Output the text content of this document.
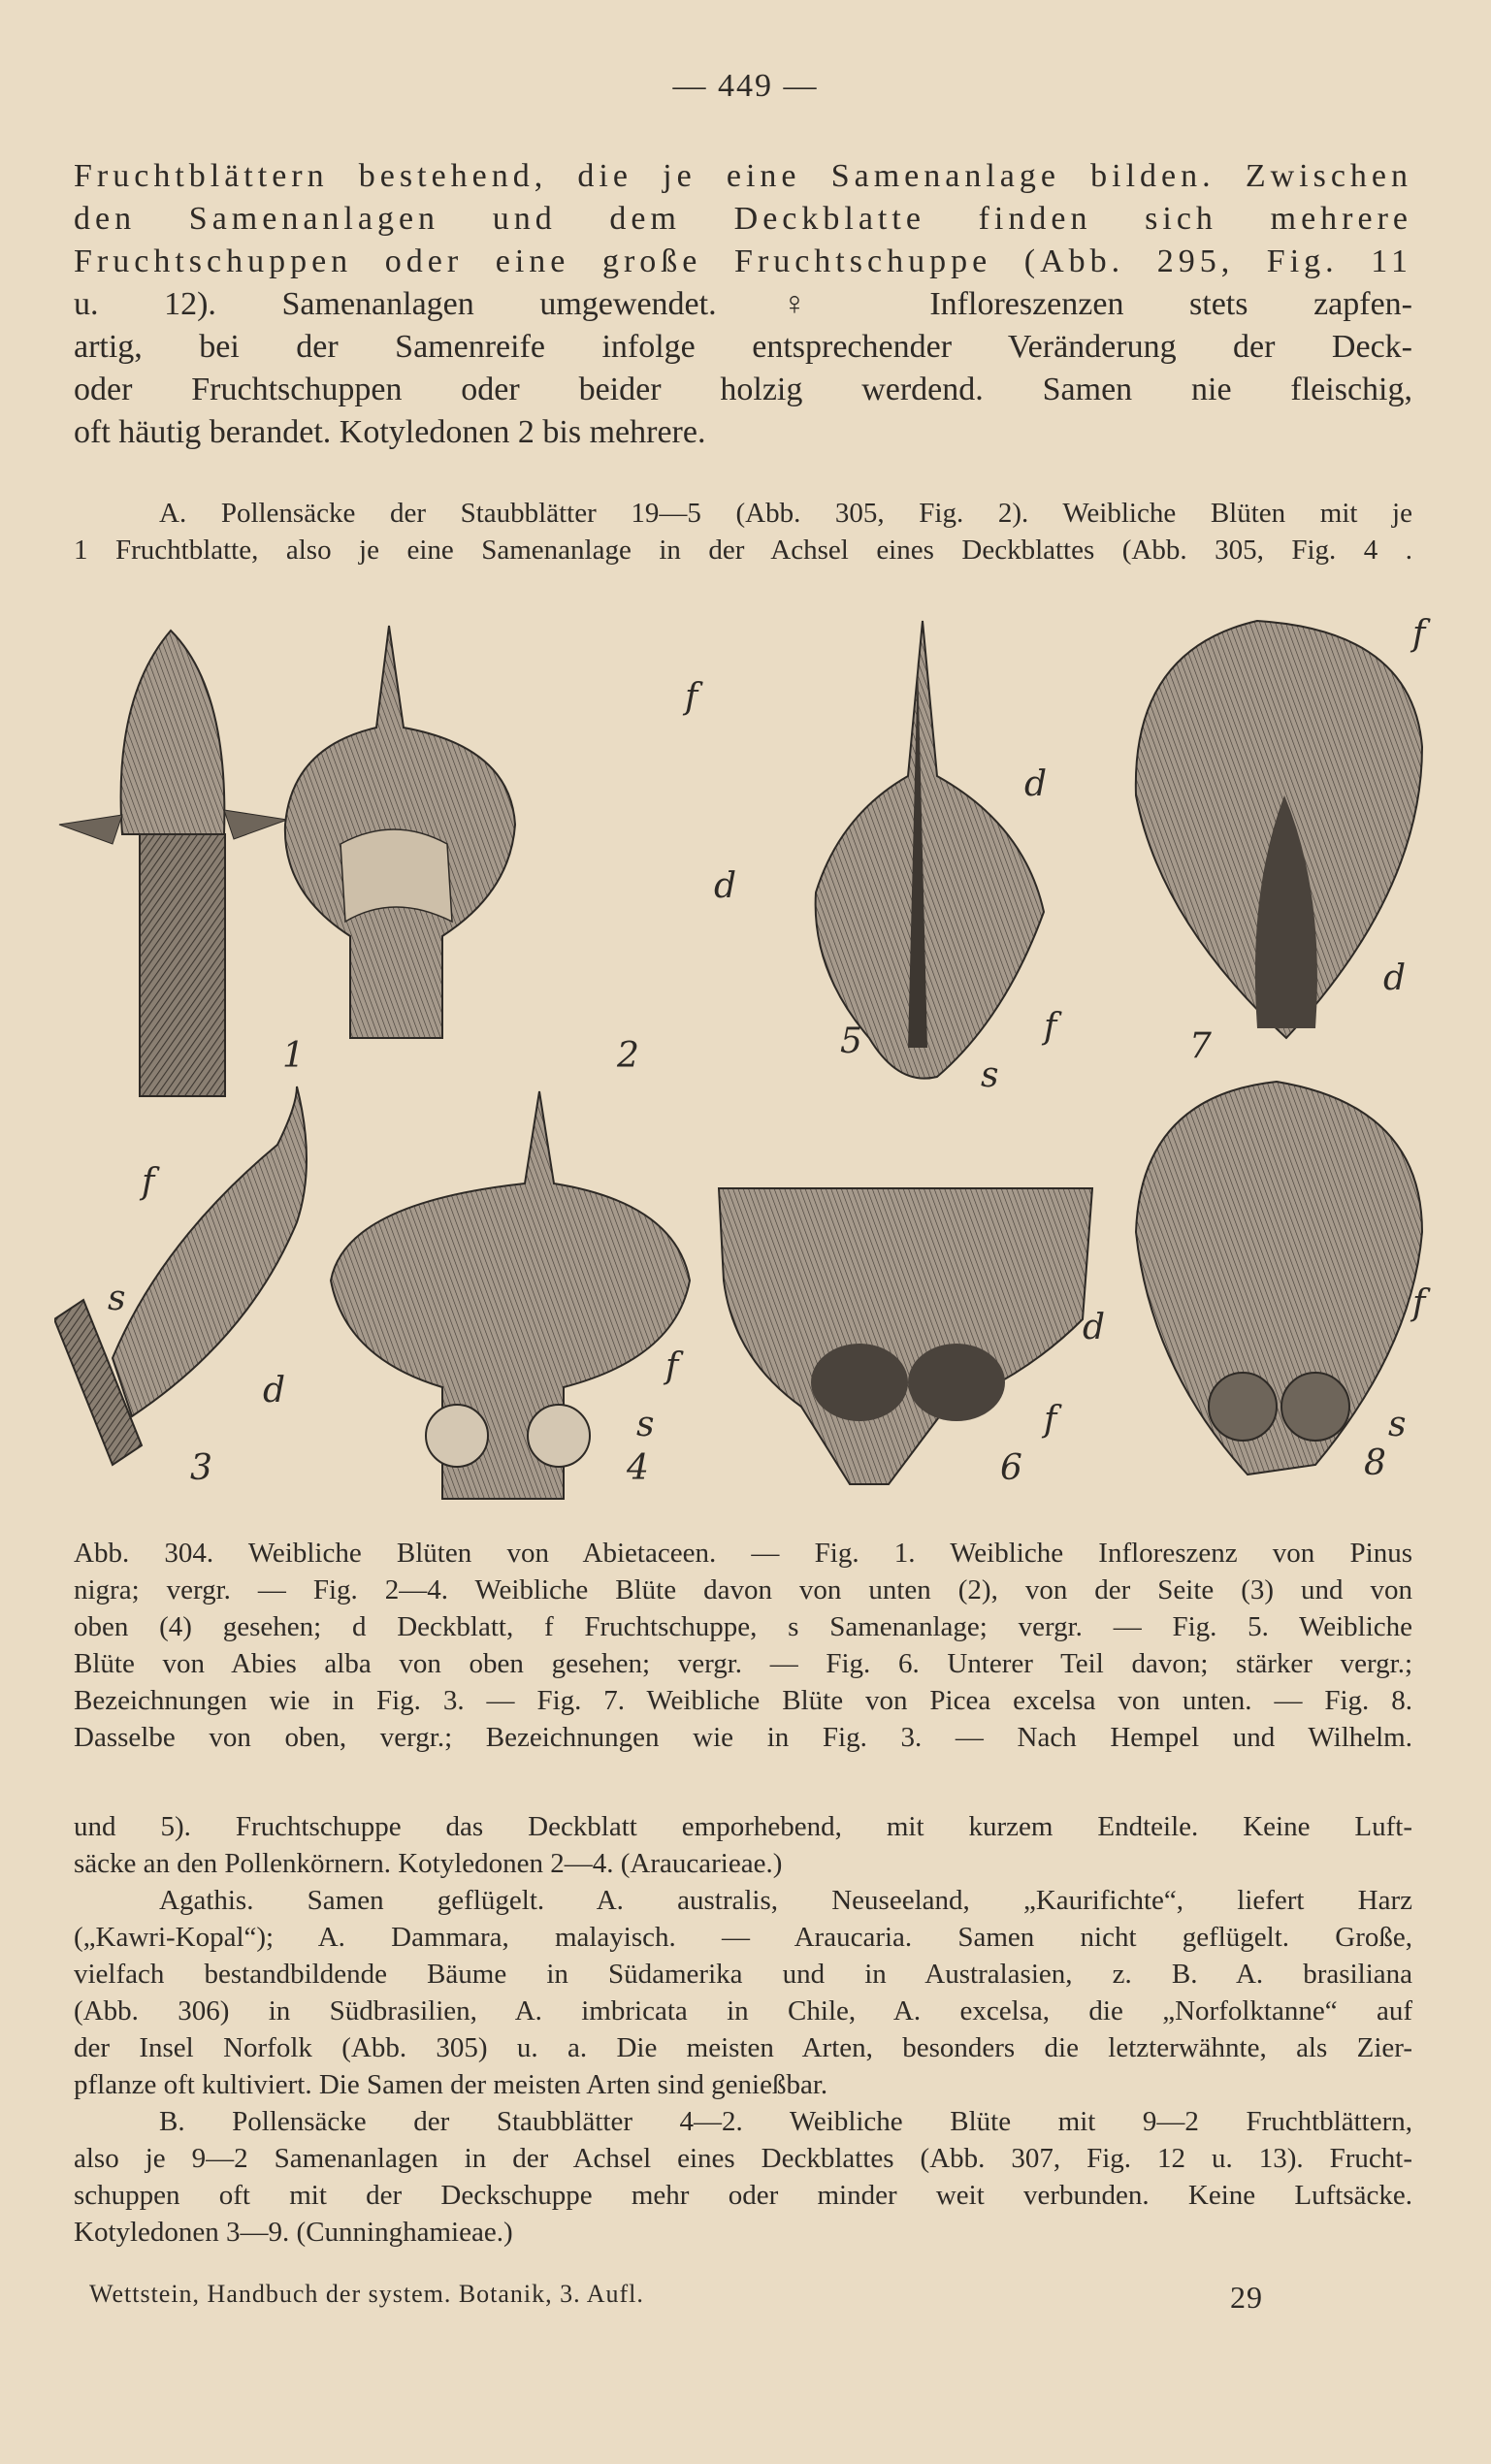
— 449 —
Fruchtblättern bestehend, die je eine Samenanlage bilden. Zwischen
den Samenanlagen und dem Deckblatte finden sich mehrere
Fruchtschuppen oder eine große Fruchtschuppe (Abb. 295, Fig. 11
u. 12). Samenanlagen umgewendet. ♀ Infloreszenzen stets zapfen-
artig, bei der Samenreife infolge entsprechender Veränderung der Deck-
oder Fruchtschuppen oder beider holzig werdend. Samen nie fleischig,
oft häutig berandet. Kotyledonen 2 bis mehrere.
A. Pollensäcke der Staubblätter 19—5 (Abb. 305, Fig. 2). Weibliche Blüten mit je
1 Fruchtblatte, also je eine Samenanlage in der Achsel eines Deckblattes (Abb. 305, Fig. 4 .
1	2
3	4
5
6
7
8
f
d
d
f
s
f
d
f
s
d
f
s
d
f
f
s
Abb. 304. Weibliche Blüten von Abietaceen. — Fig. 1. Weibliche Infloreszenz von Pinus
nigra; vergr. — Fig. 2—4. Weibliche Blüte davon von unten (2), von der Seite (3) und von
oben (4) gesehen; d Deckblatt, f Fruchtschuppe, s Samenanlage; vergr. — Fig. 5. Weibliche
Blüte von Abies alba von oben gesehen; vergr. — Fig. 6. Unterer Teil davon; stärker vergr.;
Bezeichnungen wie in Fig. 3. — Fig. 7. Weibliche Blüte von Picea excelsa von unten. — Fig. 8.
Dasselbe von oben, vergr.; Bezeichnungen wie in Fig. 3. — Nach Hempel und Wilhelm.
und 5). Fruchtschuppe das Deckblatt emporhebend, mit kurzem Endteile. Keine Luft-
säcke an den Pollenkörnern. Kotyledonen 2—4. (Araucarieae.)
Agathis. Samen geflügelt. A. australis, Neuseeland, „Kaurifichte“, liefert Harz
(„Kawri-Kopal“); A. Dammara, malayisch. — Araucaria. Samen nicht geflügelt. Große,
vielfach bestandbildende Bäume in Südamerika und in Australasien, z. B. A. brasiliana
(Abb. 306) in Südbrasilien, A. imbricata in Chile, A. excelsa, die „Norfolktanne“ auf
der Insel Norfolk (Abb. 305) u. a. Die meisten Arten, besonders die letzterwähnte, als Zier-
pflanze oft kultiviert. Die Samen der meisten Arten sind genießbar.
B. Pollensäcke der Staubblätter 4—2. Weibliche Blüte mit 9—2 Fruchtblättern,
also je 9—2 Samenanlagen in der Achsel eines Deckblattes (Abb. 307, Fig. 12 u. 13). Frucht-
schuppen oft mit der Deckschuppe mehr oder minder weit verbunden. Keine Luftsäcke.
Kotyledonen 3—9. (Cunninghamieae.)
Wettstein, Handbuch der system. Botanik, 3. Aufl.	29
